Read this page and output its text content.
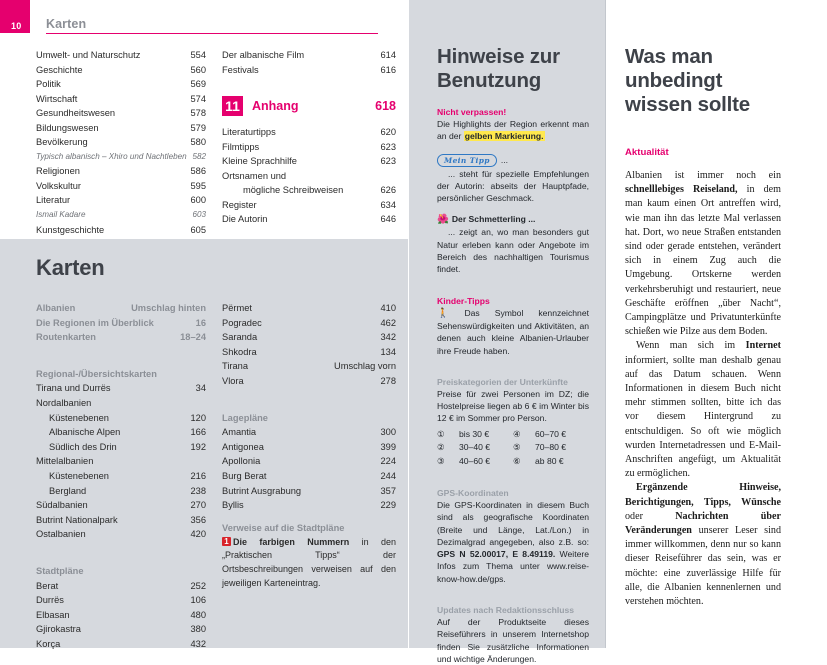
10 Karten
Umwelt- und Naturschutz	554
Geschichte	560
Politik	569
Wirtschaft	574
Gesundheitswesen	578
Bildungswesen	579
Bevölkerung	580
Typisch albanisch – Xhiro und Nachtleben 582
Religionen	586
Volkskultur	595
Literatur	600
Ismail Kadare	603
Kunstgeschichte	605
Der albanische Film	614
Festivals	616
11 Anhang	618
Literaturtipps	620
Filmtipps	623
Kleine Sprachhilfe	623
Ortsnamen und
mögliche Schreibweisen	626
Register	634
Die Autorin	646
Karten
Albanien	Umschlag hinten
Die Regionen im Überblick	16
Routenkarten	18–24
Regional-/Übersichtskarten
Tirana und Durrës	34
Nordalbanien
Küstenebenen	120
Albanische Alpen	166
Südlich des Drin	192
Mittelalbanien
Küstenebenen	216
Bergland	238
Südalbanien	270
Butrint Nationalpark	356
Ostalbanien	420
Stadtpläne
Berat	252
Durrës	106
Elbasan	480
Gjirokastra	380
Korça	432
Përmet	410
Pogradec	462
Saranda	342
Shkodra	134
Tirana	Umschlag vorn
Vlora	278
Lagepläne
Amantia	300
Antigonea	399
Apollonia	224
Burg Berat	244
Butrint Ausgrabung	357
Byllis	229
Verweise auf die Stadtpläne
1 Die farbigen Nummern in den „Praktischen Tipps“ der Ortsbeschreibungen verweisen auf den jeweiligen Karteneintrag.
Hinweise zur Benutzung
Nicht verpassen!

Die Highlights der Region erkennt man an der gelben Markierung.

Mein Tipp	...

... steht für spezielle Empfehlungen der Autorin: abseits der Hauptpfade, persönlicher Geschmack.

🌺 Der Schmetterling ...

... zeigt an, wo man besonders gut Natur erleben kann oder Angebote im Bereich des nachhaltigen Tourismus findet.

Kinder-Tipps

🚶 Das Symbol kennzeichnet Sehenswürdigkeiten und Aktivitäten, an denen auch kleine Albanien-Urlauber ihre Freude haben.

Preiskategorien der Unterkünfte

Preise für zwei Personen im DZ; die Hostelpreise liegen ab 6 € im Winter bis 12 € im Sommer pro Person.

①	bis 30 €	④	60–70 €
②	30–40 €	⑤	70–80 €
③	40–60 €	⑥	ab 80 €
GPS-Koordinaten

Die GPS-Koordinaten in diesem Buch sind als geografische Koordinaten (Breite und Länge, Lat./Lon.) in Dezimalgrad angegeben, also z.B. so: GPS N 52.00017, E 8.49119. Weitere Infos zum Thema unter www.reise-know-how.de/gps.

Updates nach Redaktionsschluss

Auf der Produktseite dieses Reiseführers in unserem Internetshop finden Sie zusätzliche Informationen und wichtige Änderungen.

Was man unbedingt wissen sollte
Aktualität

Albanien ist immer noch ein schnelllebiges Reiseland, in dem man kaum einen Ort antreffen wird, wie man ihn das letzte Mal verlassen hat. Dort, wo neue Straßen entstanden sind oder gerade entstehen, verändert sich in einem Zug auch die Umgebung. Ortskerne werden verkehrsberuhigt und restauriert, neue Geschäfte eröffnen „über Nacht“, Campingplätze und Privatunterkünfte schießen wie Pilze aus dem Boden.

Wenn man sich im Internet informiert, sollte man deshalb genau auf das Datum schauen. Wenn Informationen in diesem Buch nicht mehr stimmen sollten, bitte ich das vor diesem Hintergrund zu entschuldigen. So oft wie möglich wurden Internetadressen und E-Mail-Anschriften angefügt, um Aktualität zu ermöglichen.

Ergänzende Hinweise, Berichtigungen, Tipps, Wünsche oder Nachrichten über Veränderungen unserer Leser sind immer willkommen, denn nur so kann dieser Reiseführer das sein, was er möchte: eine zuverlässige Hilfe für alle, die Albanien kennenlernen und verstehen möchten.
